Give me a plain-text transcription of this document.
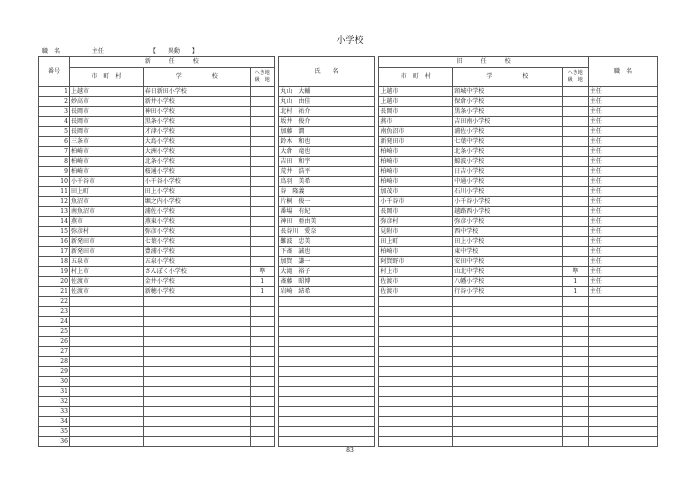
小学校
職　名	主任	【　　異動　　】
番号	新　　　任　　　校				氏　　名		旧　　　任　　　校			職　名
	市　町　村	学　　　　　校	へき地
級　地				市　町　村	学　　　　　校	へき地
級　地	
1	上越市	春日新田小学校			丸山　大輔		上越市	頸城中学校		主任
2	妙高市	新井小学校			丸山　由佳		上越市	保倉小学校		主任
3	長岡市	神田小学校			北村　祐介		長岡市	黒条小学校		主任
4	長岡市	黒条小学校			坂井　俊介		燕市	吉田南小学校		主任
5	長岡市	才津小学校			加藤　潤		南魚沼市	浦佐小学校		主任
6	三条市	大島小学校			鈴木　和也		新発田市	七葉中学校		主任
7	柏崎市	大洲小学校			大倉　竜也		柏崎市	北条小学校		主任
8	柏崎市	北条小学校			吉田　和宇		柏崎市	鯨波小学校		主任
9	柏崎市	桜通小学校			荒井　浩平		柏崎市	日吉小学校		主任
10	小千谷市	小千谷小学校			鳥羽　美希		柏崎市	中通小学校		主任
11	田上町	田上小学校			谷　隆義		加茂市	石川小学校		主任
12	魚沼市	堀之内小学校			片桐　俊一		小千谷市	小千谷小学校		主任
13	南魚沼市	浦佐小学校			番場　有紀		長岡市	越路西小学校		主任
14	燕市	燕東小学校			神田　亜由美		弥彦村	弥彦小学校		主任
15	弥彦村	弥彦小学校			長谷川　愛奈		見附市	西中学校		主任
16	新発田市	七葉小学校			難波　忠美		田上町	田上小学校		主任
17	新発田市	豊浦小学校			下斎　誠也		柏崎市	東中学校		主任
18	五泉市	五泉小学校			加賀　謙一		阿賀野市	安田中学校		主任
19	村上市	さんぽく小学校	準		大滝　裕子		村上市	山北中学校	準	主任
20	佐渡市	金井小学校	1		斎藤　昭博		佐渡市	八幡小学校	1	主任
21	佐渡市	新穂小学校	1		岩崎　結希		佐渡市	行谷小学校	1	主任
22										
23										
24										
25										
26										
27										
28										
29										
30										
31										
32										
33										
34										
35										
36										
83
